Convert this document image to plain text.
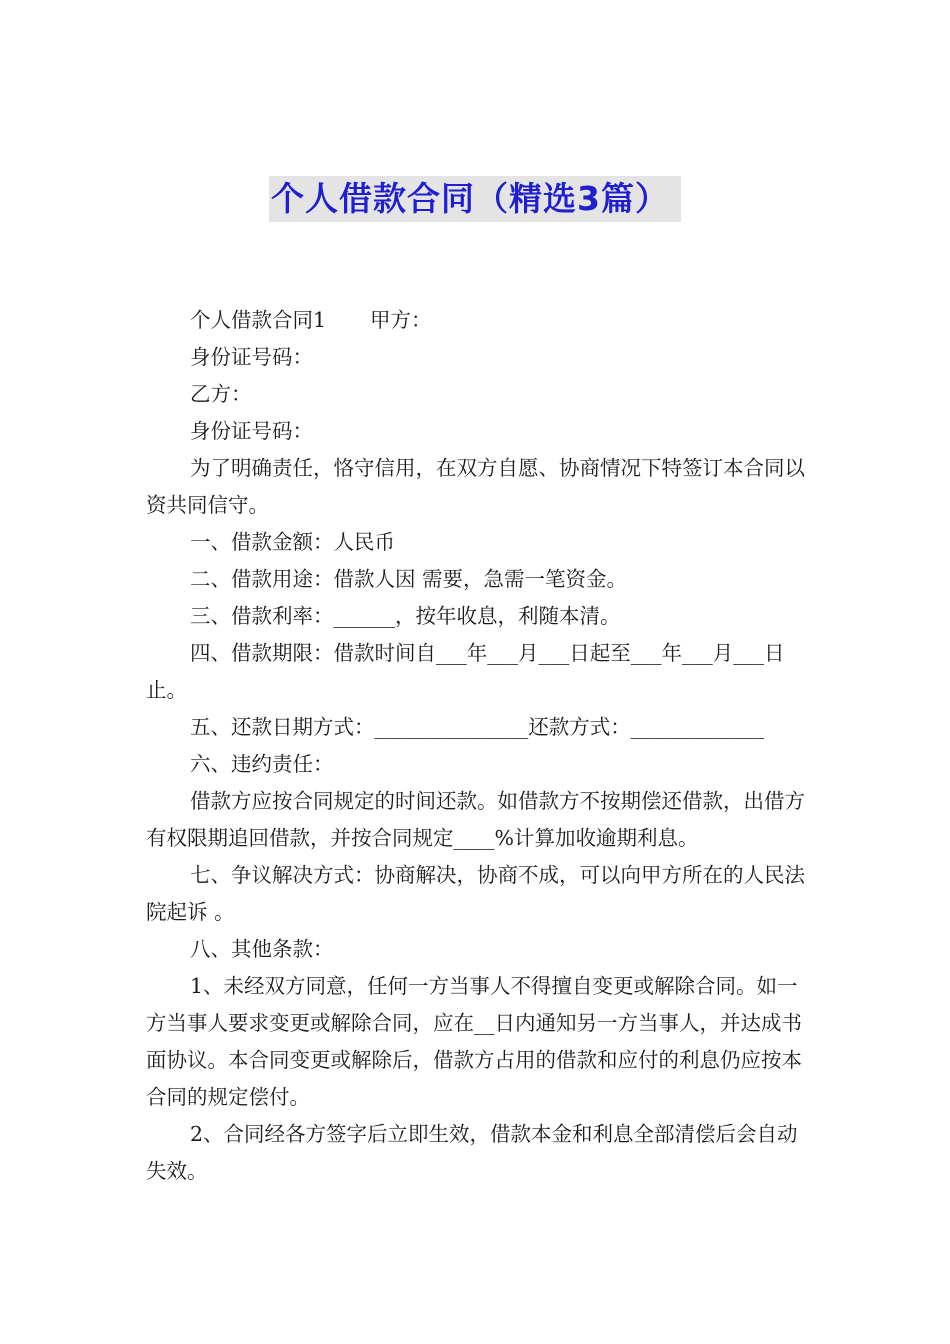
个人借款合同（精选3篇）

个人借款合同1 甲方：

身份证号码：

乙方：

身份证号码：

为了明确责任，恪守信用，在双方自愿、协商情况下特签订本合同以资共同信守。

一、借款金额：人民币

二、借款用途：借款人因 需要，急需一笔资金。

三、借款利率：______，按年收息，利随本清。

四、借款期限：借款时间自___年___月___日起至___年___月___日止。

五、还款日期方式：_______________还款方式：_____________

六、违约责任：

借款方应按合同规定的时间还款。如借款方不按期偿还借款，出借方有权限期追回借款，并按合同规定____%计算加收逾期利息。

七、争议解决方式：协商解决，协商不成，可以向甲方所在的人民法院起诉 。

八、其他条款：

1、未经双方同意，任何一方当事人不得擅自变更或解除合同。如一方当事人要求变更或解除合同，应在__日内通知另一方当事人，并达成书面协议。本合同变更或解除后，借款方占用的借款和应付的利息仍应按本合同的规定偿付。

2、合同经各方签字后立即生效，借款本金和利息全部清偿后会自动失效。
